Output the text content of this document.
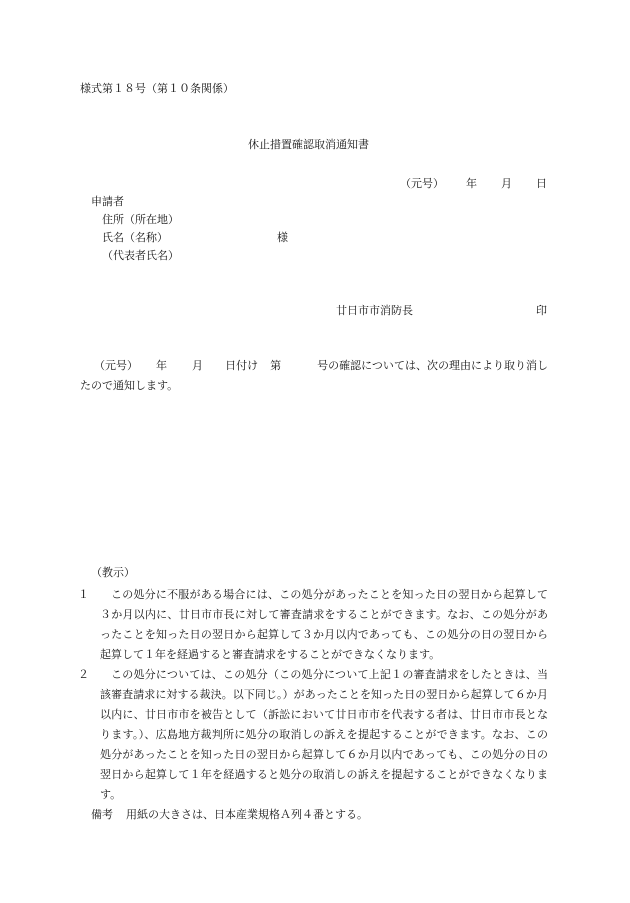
様式第１８号（第１０条関係）
休止措置確認取消通知書
（元号） 年 月 日
申請者
住所（所在地）
氏名（名称）	様
（代表者氏名）
廿日市市消防長	印
（元号） 年 月 日付け 第	号の確認については、次の理由により取り消したので通知します。
（教示）
１	この処分に不服がある場合には、この処分があったことを知った日の翌日から起算して３か月以内に、廿日市市長に対して審査請求をすることができます。なお、この処分があったことを知った日の翌日から起算して３か月以内であっても、この処分の日の翌日から起算して１年を経過すると審査請求をすることができなくなります。
２	この処分については、この処分（この処分について上記１の審査請求をしたときは、当該審査請求に対する裁決。以下同じ。）があったことを知った日の翌日から起算して６か月以内に、廿日市市を被告として（訴訟において廿日市市を代表する者は、廿日市市長となります。）、広島地方裁判所に処分の取消しの訴えを提起することができます。なお、この処分があったことを知った日の翌日から起算して６か月以内であっても、この処分の日の翌日から起算して１年を経過すると処分の取消しの訴えを提起することができなくなります。
備考 用紙の大きさは、日本産業規格Ａ列４番とする。
